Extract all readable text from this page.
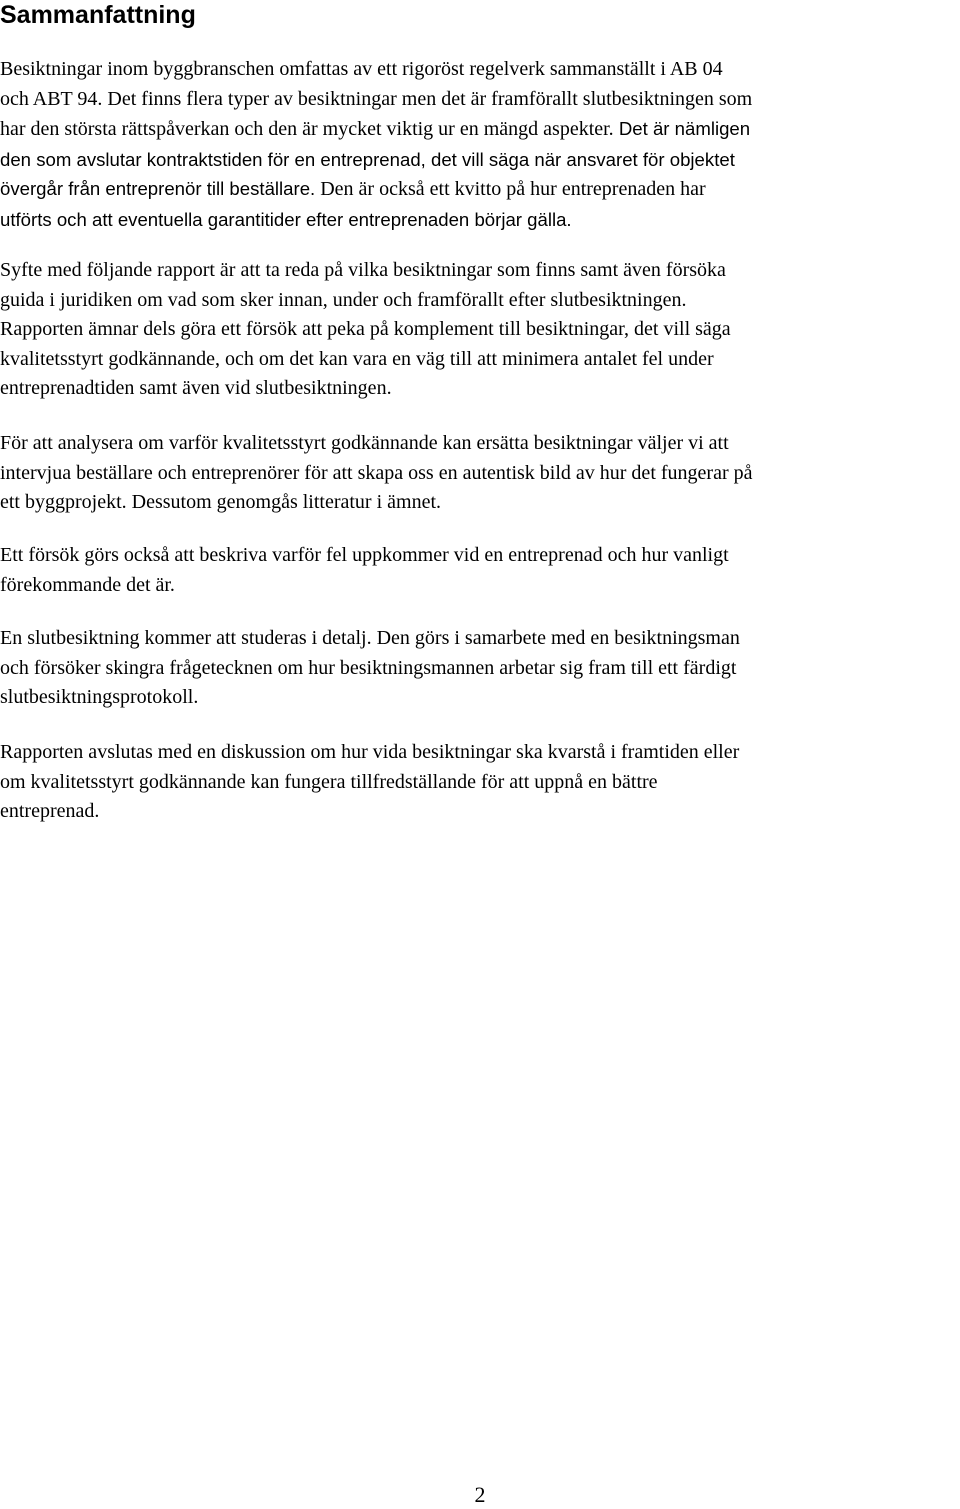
Sammanfattning
Besiktningar inom byggbranschen omfattas av ett rigoröst regelverk sammanställt i AB 04
och ABT 94. Det finns flera typer av besiktningar men det är framförallt slutbesiktningen som
har den största rättspåverkan och den är mycket viktig ur en mängd aspekter. Det är nämligen
den som avslutar kontraktstiden för en entreprenad, det vill säga när ansvaret för objektet
övergår från entreprenör till beställare. Den är också ett kvitto på hur entreprenaden har
utförts och att eventuella garantitider efter entreprenaden börjar gälla.
Syfte med följande rapport är att ta reda på vilka besiktningar som finns samt även försöka
guida i juridiken om vad som sker innan, under och framförallt efter slutbesiktningen.
Rapporten ämnar dels göra ett försök att peka på komplement till besiktningar, det vill säga
kvalitetsstyrt godkännande, och om det kan vara en väg till att minimera antalet fel under
entreprenadtiden samt även vid slutbesiktningen.
För att analysera om varför kvalitetsstyrt godkännande kan ersätta besiktningar väljer vi att
intervjua beställare och entreprenörer för att skapa oss en autentisk bild av hur det fungerar på
ett byggprojekt. Dessutom genomgås litteratur i ämnet.
Ett försök görs också att beskriva varför fel uppkommer vid en entreprenad och hur vanligt
förekommande det är.
En slutbesiktning kommer att studeras i detalj. Den görs i samarbete med en besiktningsman
och försöker skingra frågetecknen om hur besiktningsmannen arbetar sig fram till ett färdigt
slutbesiktningsprotokoll.
Rapporten avslutas med en diskussion om hur vida besiktningar ska kvarstå i framtiden eller
om kvalitetsstyrt godkännande kan fungera tillfredställande för att uppnå en bättre
entreprenad.

2
